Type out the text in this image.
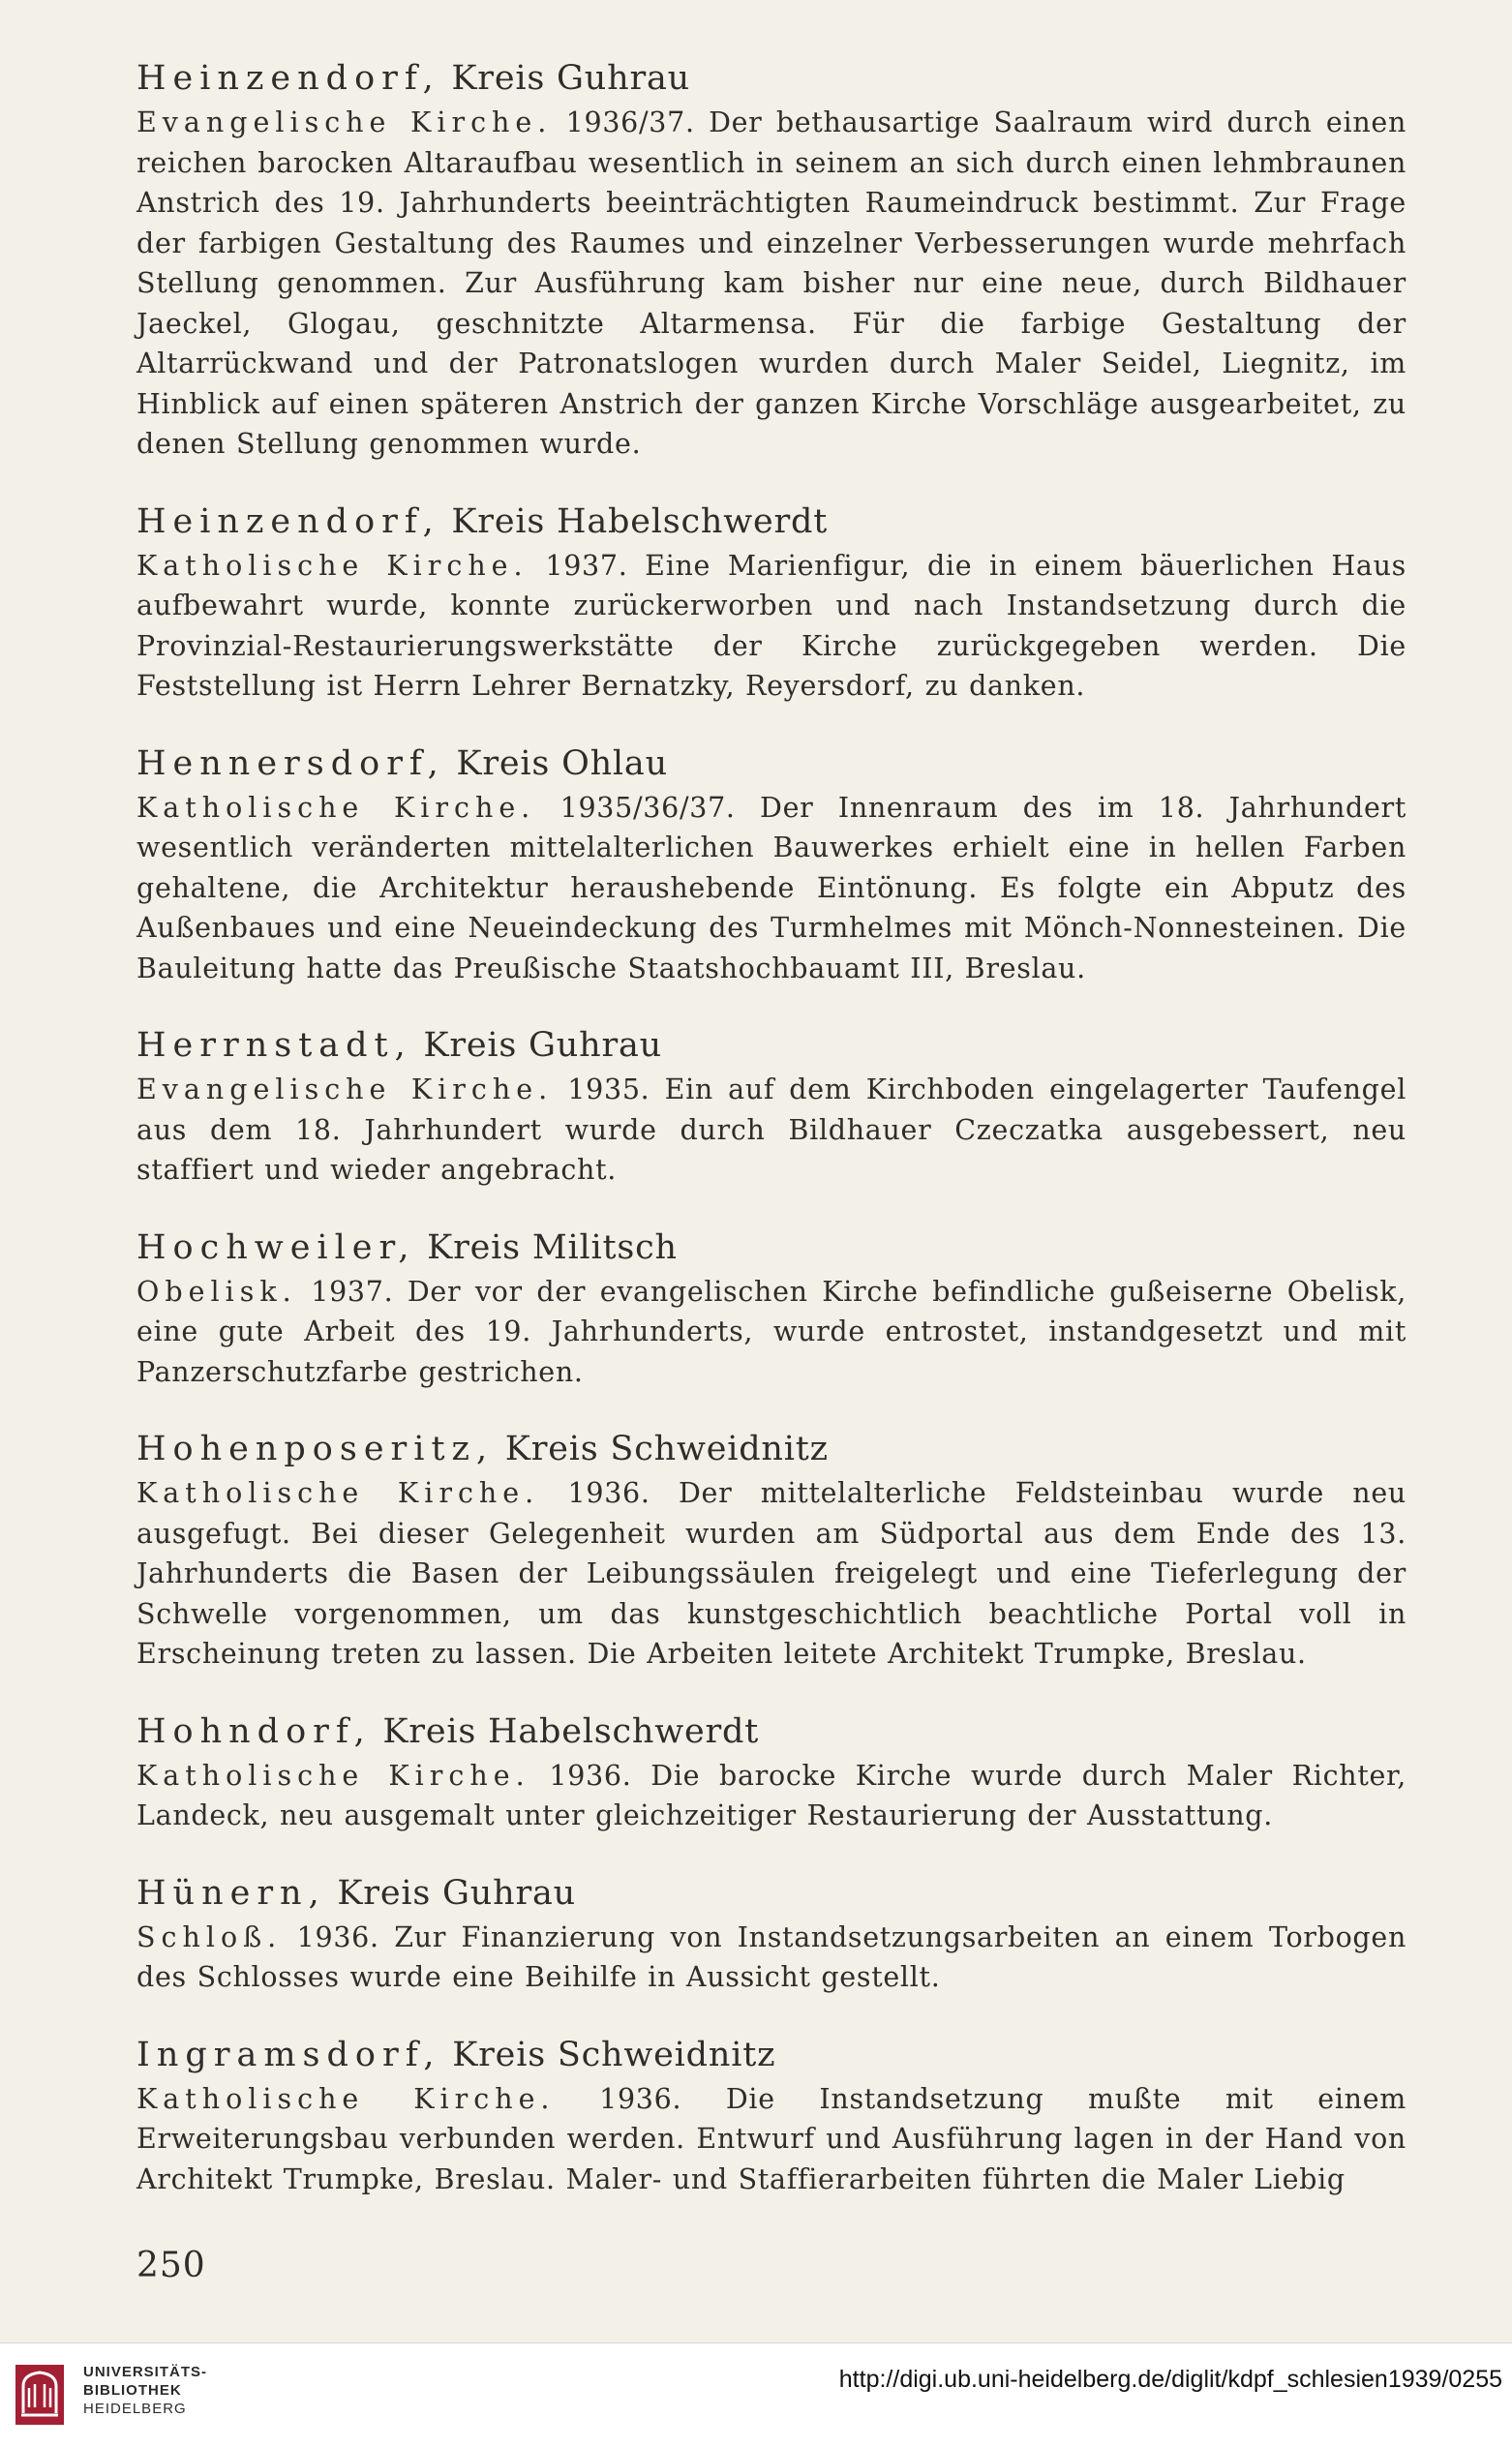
Heinzendorf, Kreis Guhrau

Evangelische Kirche. 1936/37. Der bethausartige Saalraum wird durch einen reichen barocken Altaraufbau wesentlich in seinem an sich durch einen lehmbraunen Anstrich des 19. Jahrhunderts beeinträchtigten Raumeindruck bestimmt. Zur Frage der farbigen Gestaltung des Raumes und einzelner Verbesserungen wurde mehrfach Stellung genommen. Zur Ausführung kam bisher nur eine neue, durch Bildhauer Jaeckel, Glogau, geschnitzte Altarmensa. Für die farbige Gestaltung der Altarrückwand und der Patronatslogen wurden durch Maler Seidel, Liegnitz, im Hinblick auf einen späteren Anstrich der ganzen Kirche Vorschläge ausgearbeitet, zu denen Stellung genommen wurde.

Heinzendorf, Kreis Habelschwerdt

Katholische Kirche. 1937. Eine Marienfigur, die in einem bäuerlichen Haus aufbewahrt wurde, konnte zurückerworben und nach Instandsetzung durch die Provinzial-Restaurierungswerkstätte der Kirche zurückgegeben werden. Die Feststellung ist Herrn Lehrer Bernatzky, Reyersdorf, zu danken.

Hennersdorf, Kreis Ohlau

Katholische Kirche. 1935/36/37. Der Innenraum des im 18. Jahrhundert wesentlich veränderten mittelalterlichen Bauwerkes erhielt eine in hellen Farben gehaltene, die Architektur heraushebende Eintönung. Es folgte ein Abputz des Außenbaues und eine Neueindeckung des Turmhelmes mit Mönch-Nonnesteinen. Die Bauleitung hatte das Preußische Staatshochbauamt III, Breslau.

Herrnstadt, Kreis Guhrau

Evangelische Kirche. 1935. Ein auf dem Kirchboden eingelagerter Taufengel aus dem 18. Jahrhundert wurde durch Bildhauer Czeczatka ausgebessert, neu staffiert und wieder angebracht.

Hochweiler, Kreis Militsch

Obelisk. 1937. Der vor der evangelischen Kirche befindliche gußeiserne Obelisk, eine gute Arbeit des 19. Jahrhunderts, wurde entrostet, instandgesetzt und mit Panzerschutzfarbe gestrichen.

Hohenposeritz, Kreis Schweidnitz

Katholische Kirche. 1936. Der mittelalterliche Feldsteinbau wurde neu ausgefugt. Bei dieser Gelegenheit wurden am Südportal aus dem Ende des 13. Jahrhunderts die Basen der Leibungssäulen freigelegt und eine Tieferlegung der Schwelle vorgenommen, um das kunstgeschichtlich beachtliche Portal voll in Erscheinung treten zu lassen. Die Arbeiten leitete Architekt Trumpke, Breslau.

Hohndorf, Kreis Habelschwerdt

Katholische Kirche. 1936. Die barocke Kirche wurde durch Maler Richter, Landeck, neu ausgemalt unter gleichzeitiger Restaurierung der Ausstattung.

Hünern, Kreis Guhrau

Schloß. 1936. Zur Finanzierung von Instandsetzungsarbeiten an einem Torbogen des Schlosses wurde eine Beihilfe in Aussicht gestellt.

Ingramsdorf, Kreis Schweidnitz

Katholische Kirche. 1936. Die Instandsetzung mußte mit einem Erweiterungsbau verbunden werden. Entwurf und Ausführung lagen in der Hand von Architekt Trumpke, Breslau. Maler- und Staffierarbeiten führten die Maler Liebig

250
UNIVERSITÄTS-
BIBLIOTHEK
HEIDELBERG
http://digi.ub.uni-heidelberg.de/diglit/kdpf_schlesien1939/0255
